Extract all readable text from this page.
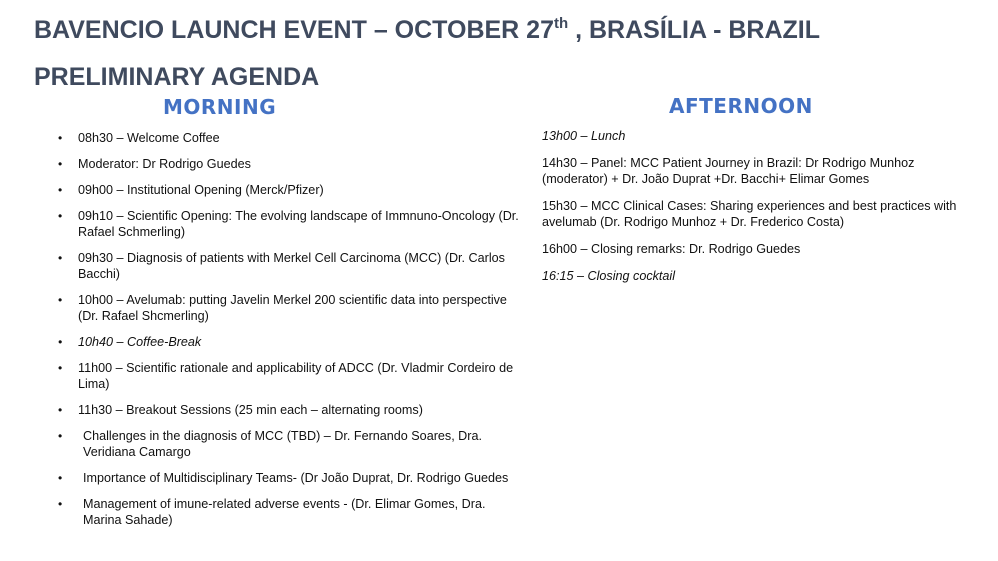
BAVENCIO LAUNCH EVENT – OCTOBER 27th , BRASÍLIA - BRAZIL
PRELIMINARY AGENDA
MORNING	AFTERNOON
• 08h30 – Welcome Coffee
• Moderator: Dr Rodrigo Guedes
• 09h00 – Institutional Opening (Merck/Pfizer)
• 09h10 – Scientific Opening: The evolving landscape of Immnuno-Oncology (Dr. Rafael Schmerling)
• 09h30 – Diagnosis of patients with Merkel Cell Carcinoma (MCC) (Dr. Carlos Bacchi)
• 10h00 – Avelumab: putting Javelin Merkel 200 scientific data into perspective (Dr. Rafael Shcmerling)
• 10h40 – Coffee-Break
• 11h00 – Scientific rationale and applicability of ADCC (Dr. Vladmir Cordeiro de Lima)
• 11h30 – Breakout Sessions (25 min each – alternating rooms)
• Challenges in the diagnosis of MCC (TBD) – Dr. Fernando Soares, Dra. Veridiana Camargo
• Importance of Multidisciplinary Teams- (Dr João Duprat, Dr. Rodrigo Guedes
• Management of imune-related adverse events - (Dr. Elimar Gomes, Dra. Marina Sahade)

13h00 – Lunch

14h30 – Panel: MCC Patient Journey in Brazil: Dr Rodrigo Munhoz (moderator) + Dr. João Duprat +Dr. Bacchi+ Elimar Gomes

15h30 – MCC Clinical Cases: Sharing experiences and best practices with avelumab (Dr. Rodrigo Munhoz + Dr. Frederico Costa)

16h00 – Closing remarks: Dr. Rodrigo Guedes

16:15 – Closing cocktail
